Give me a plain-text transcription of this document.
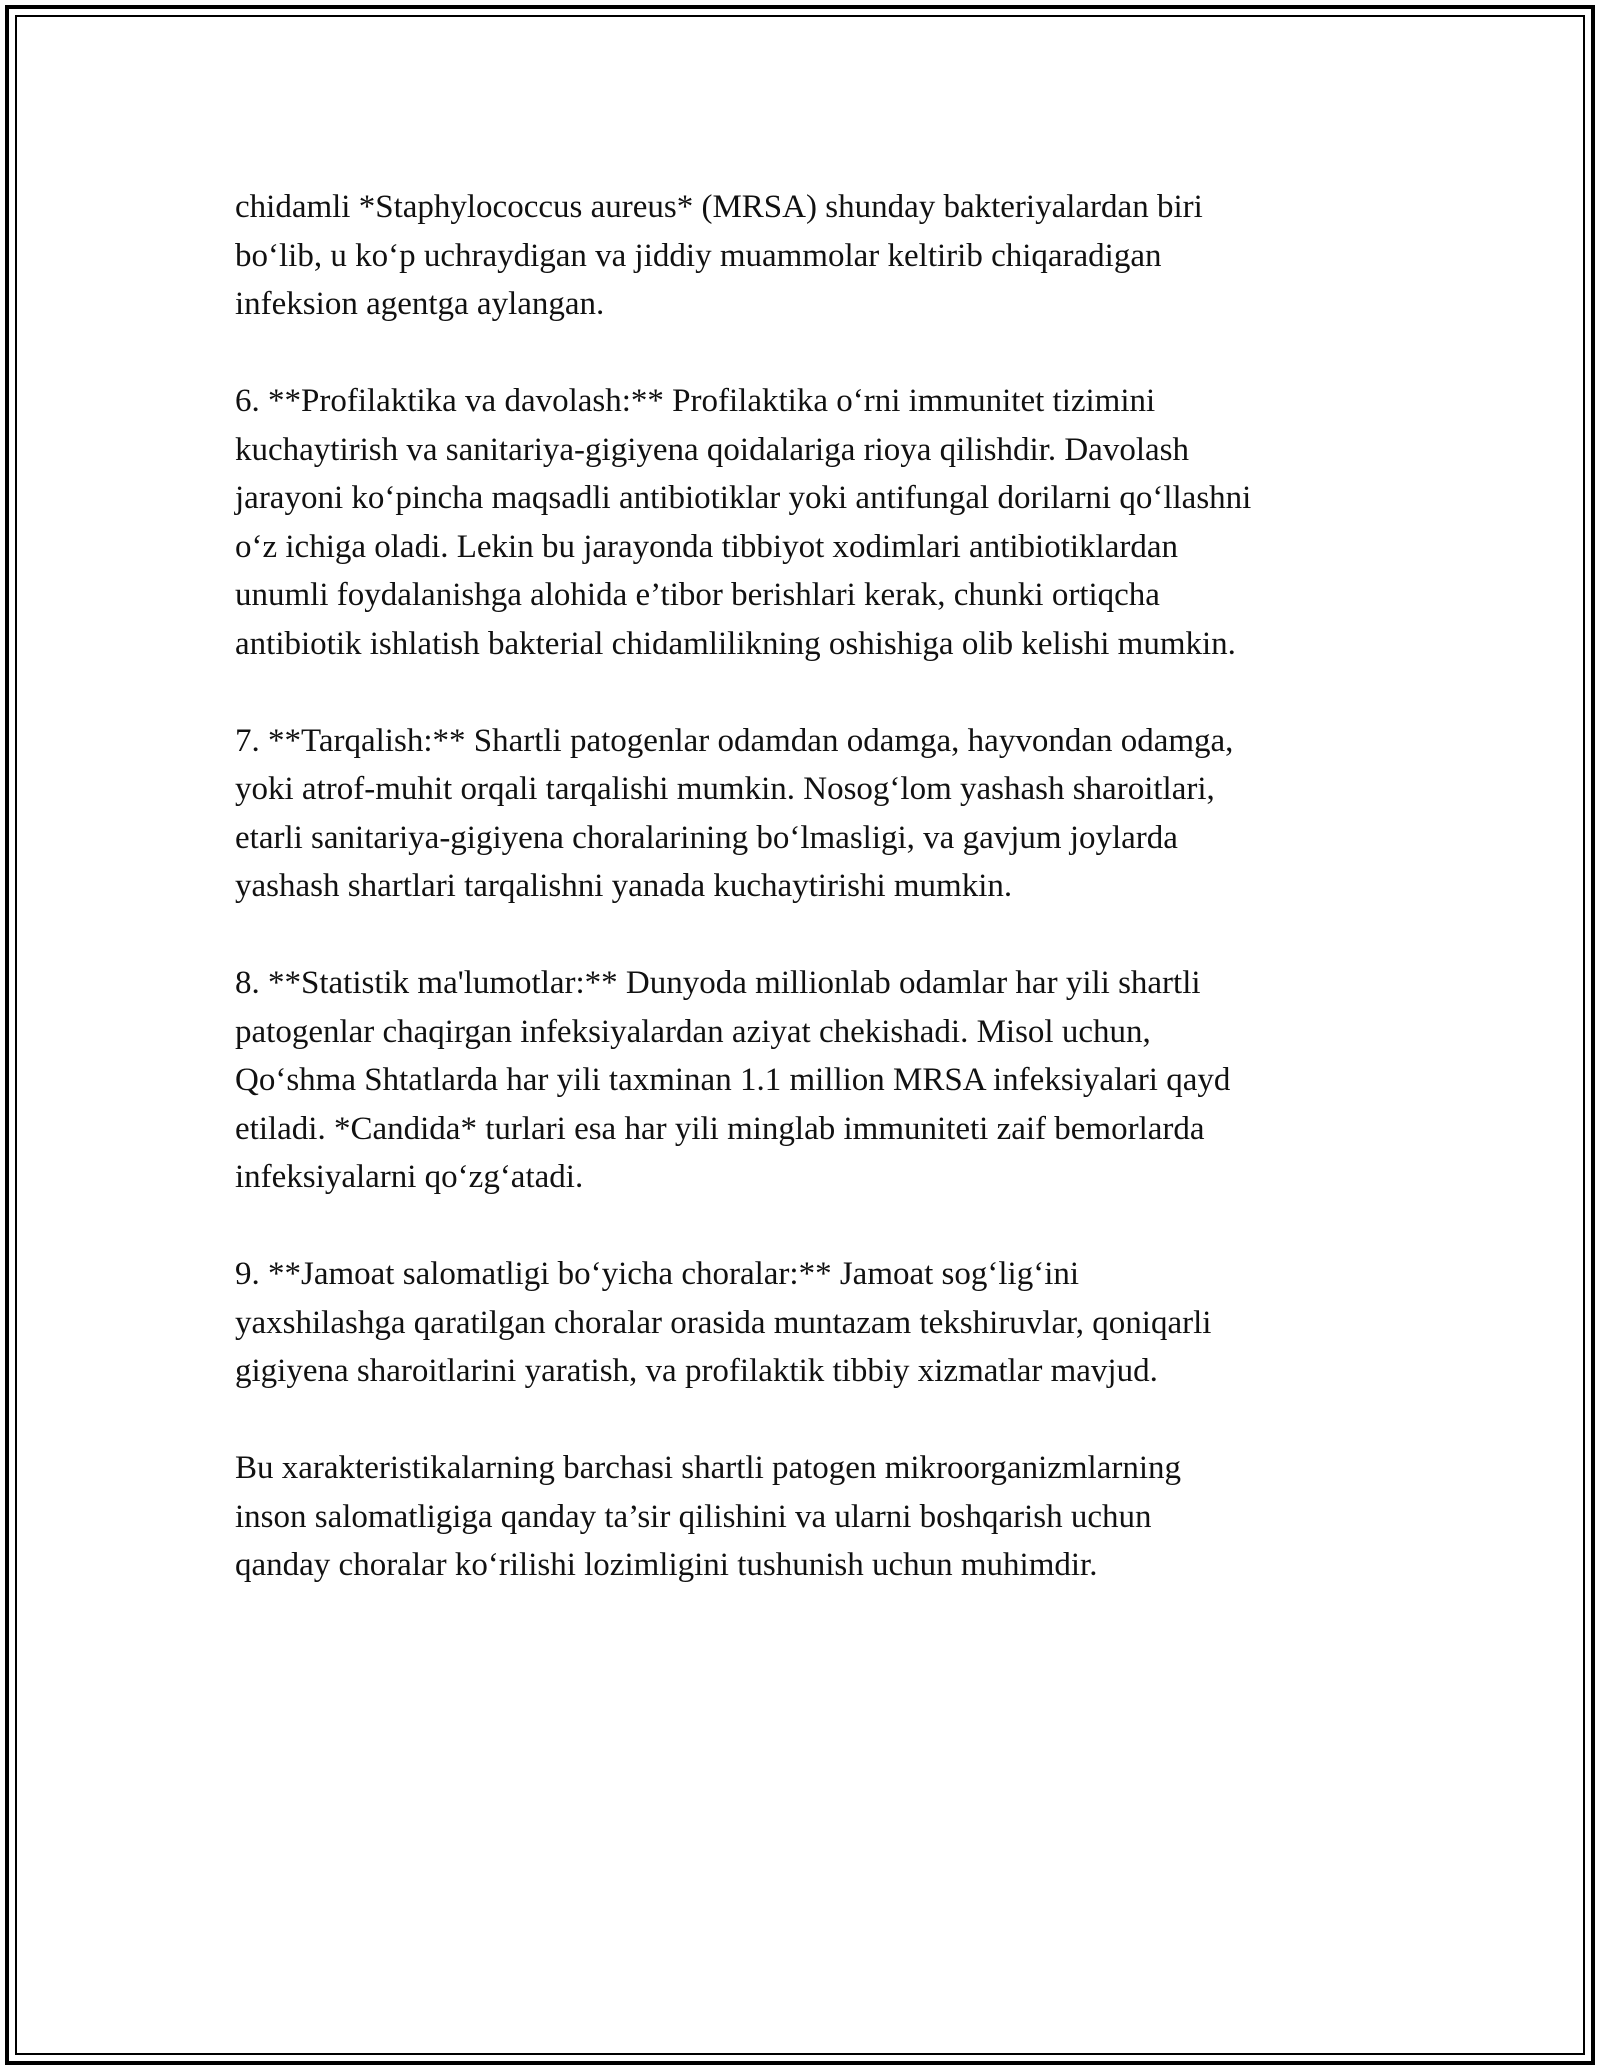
chidamli *Staphylococcus aureus* (MRSA) shunday bakteriyalardan biri
bo‘lib, u ko‘p uchraydigan va jiddiy muammolar keltirib chiqaradigan
infeksion agentga aylangan.

6. **Profilaktika va davolash:** Profilaktika o‘rni immunitet tizimini
kuchaytirish va sanitariya-gigiyena qoidalariga rioya qilishdir. Davolash
jarayoni ko‘pincha maqsadli antibiotiklar yoki antifungal dorilarni qo‘llashni
o‘z ichiga oladi. Lekin bu jarayonda tibbiyot xodimlari antibiotiklardan
unumli foydalanishga alohida e’tibor berishlari kerak, chunki ortiqcha
antibiotik ishlatish bakterial chidamlilikning oshishiga olib kelishi mumkin.

7. **Tarqalish:** Shartli patogenlar odamdan odamga, hayvondan odamga,
yoki atrof-muhit orqali tarqalishi mumkin. Nosog‘lom yashash sharoitlari,
etarli sanitariya-gigiyena choralarining bo‘lmasligi, va gavjum joylarda
yashash shartlari tarqalishni yanada kuchaytirishi mumkin.

8. **Statistik ma'lumotlar:** Dunyoda millionlab odamlar har yili shartli
patogenlar chaqirgan infeksiyalardan aziyat chekishadi. Misol uchun,
Qo‘shma Shtatlarda har yili taxminan 1.1 million MRSA infeksiyalari qayd
etiladi. *Candida* turlari esa har yili minglab immuniteti zaif bemorlarda
infeksiyalarni qo‘zg‘atadi.

9. **Jamoat salomatligi bo‘yicha choralar:** Jamoat sog‘lig‘ini
yaxshilashga qaratilgan choralar orasida muntazam tekshiruvlar, qoniqarli
gigiyena sharoitlarini yaratish, va profilaktik tibbiy xizmatlar mavjud.

Bu xarakteristikalarning barchasi shartli patogen mikroorganizmlarning
inson salomatligiga qanday ta’sir qilishini va ularni boshqarish uchun
qanday choralar ko‘rilishi lozimligini tushunish uchun muhimdir.
